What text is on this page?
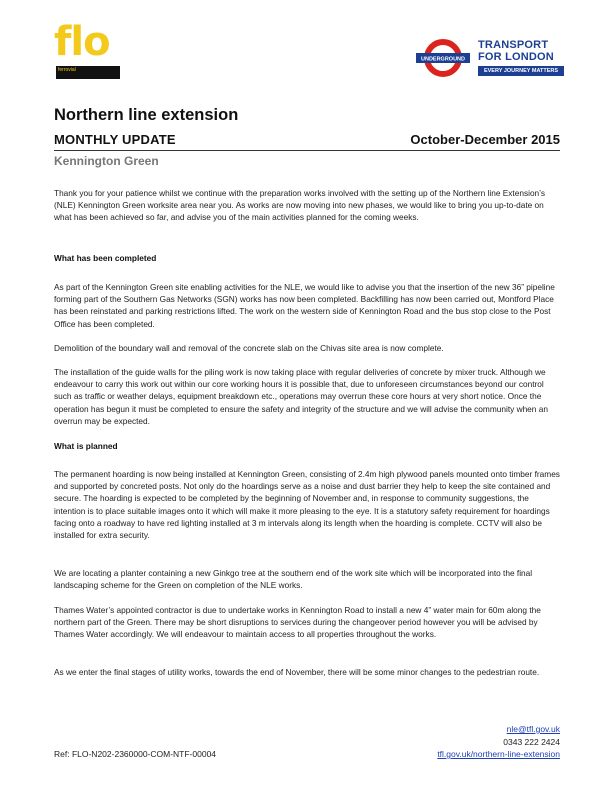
flo
ferrovial
UNDERGROUND
TRANSPORT
FOR LONDON
EVERY JOURNEY MATTERS
Northern line extension
MONTHLY UPDATE	October-December 2015
Kennington Green
Thank you for your patience whilst we continue with the preparation works involved with the setting up of the Northern line Extension’s (NLE) Kennington Green worksite area near you. As works are now moving into new phases, we would like to bring you up-to-date on what has been achieved so far, and advise you of the main activities planned for the coming weeks.
What has been completed
As part of the Kennington Green site enabling activities for the NLE, we would like to advise you that the insertion of the new 36” pipeline forming part of the Southern Gas Networks (SGN) works has now been completed. Backfilling has now been carried out, Montford Place has been reinstated and parking restrictions lifted. The work on the western side of Kennington Road and the bus stop close to the Post Office has been completed.
Demolition of the boundary wall and removal of the concrete slab on the Chivas site area is now complete.
The installation of the guide walls for the piling work is now taking place with regular deliveries of concrete by mixer truck. Although we endeavour to carry this work out within our core working hours it is possible that, due to unforeseen circumstances beyond our control such as traffic or weather delays, equipment breakdown etc., operations may overrun these core hours at very short notice. Once the operation has begun it must be completed to ensure the safety and integrity of the structure and we will advise the community when an overrun may be expected.
What is planned
The permanent hoarding is now being installed at Kennington Green, consisting of 2.4m high plywood panels mounted onto timber frames and supported by concreted posts. Not only do the hoardings serve as a noise and dust barrier they help to keep the site contained and secure. The hoarding is expected to be completed by the beginning of November and, in response to community suggestions, the intention is to place suitable images onto it which will make it more pleasing to the eye. It is a statutory safety requirement for hoardings facing onto a roadway to have red lighting installed at 3 m intervals along its length when the hoarding is complete. CCTV will also be installed for extra security.
We are locating a planter containing a new Ginkgo tree at the southern end of the work site which will be incorporated into the final landscaping scheme for the Green on completion of the NLE works.
Thames Water’s appointed contractor is due to undertake works in Kennington Road to install a new 4” water main for 60m along the northern part of the Green. There may be short disruptions to services during the changeover period however you will be advised by Thames Water accordingly. We will endeavour to maintain access to all properties throughout the works.
As we enter the final stages of utility works, towards the end of November, there will be some minor changes to the pedestrian route.
nle@tfl.gov.uk
0343 222 2424
tfl.gov.uk/northern-line-extension
Ref: FLO-N202-2360000-COM-NTF-00004
